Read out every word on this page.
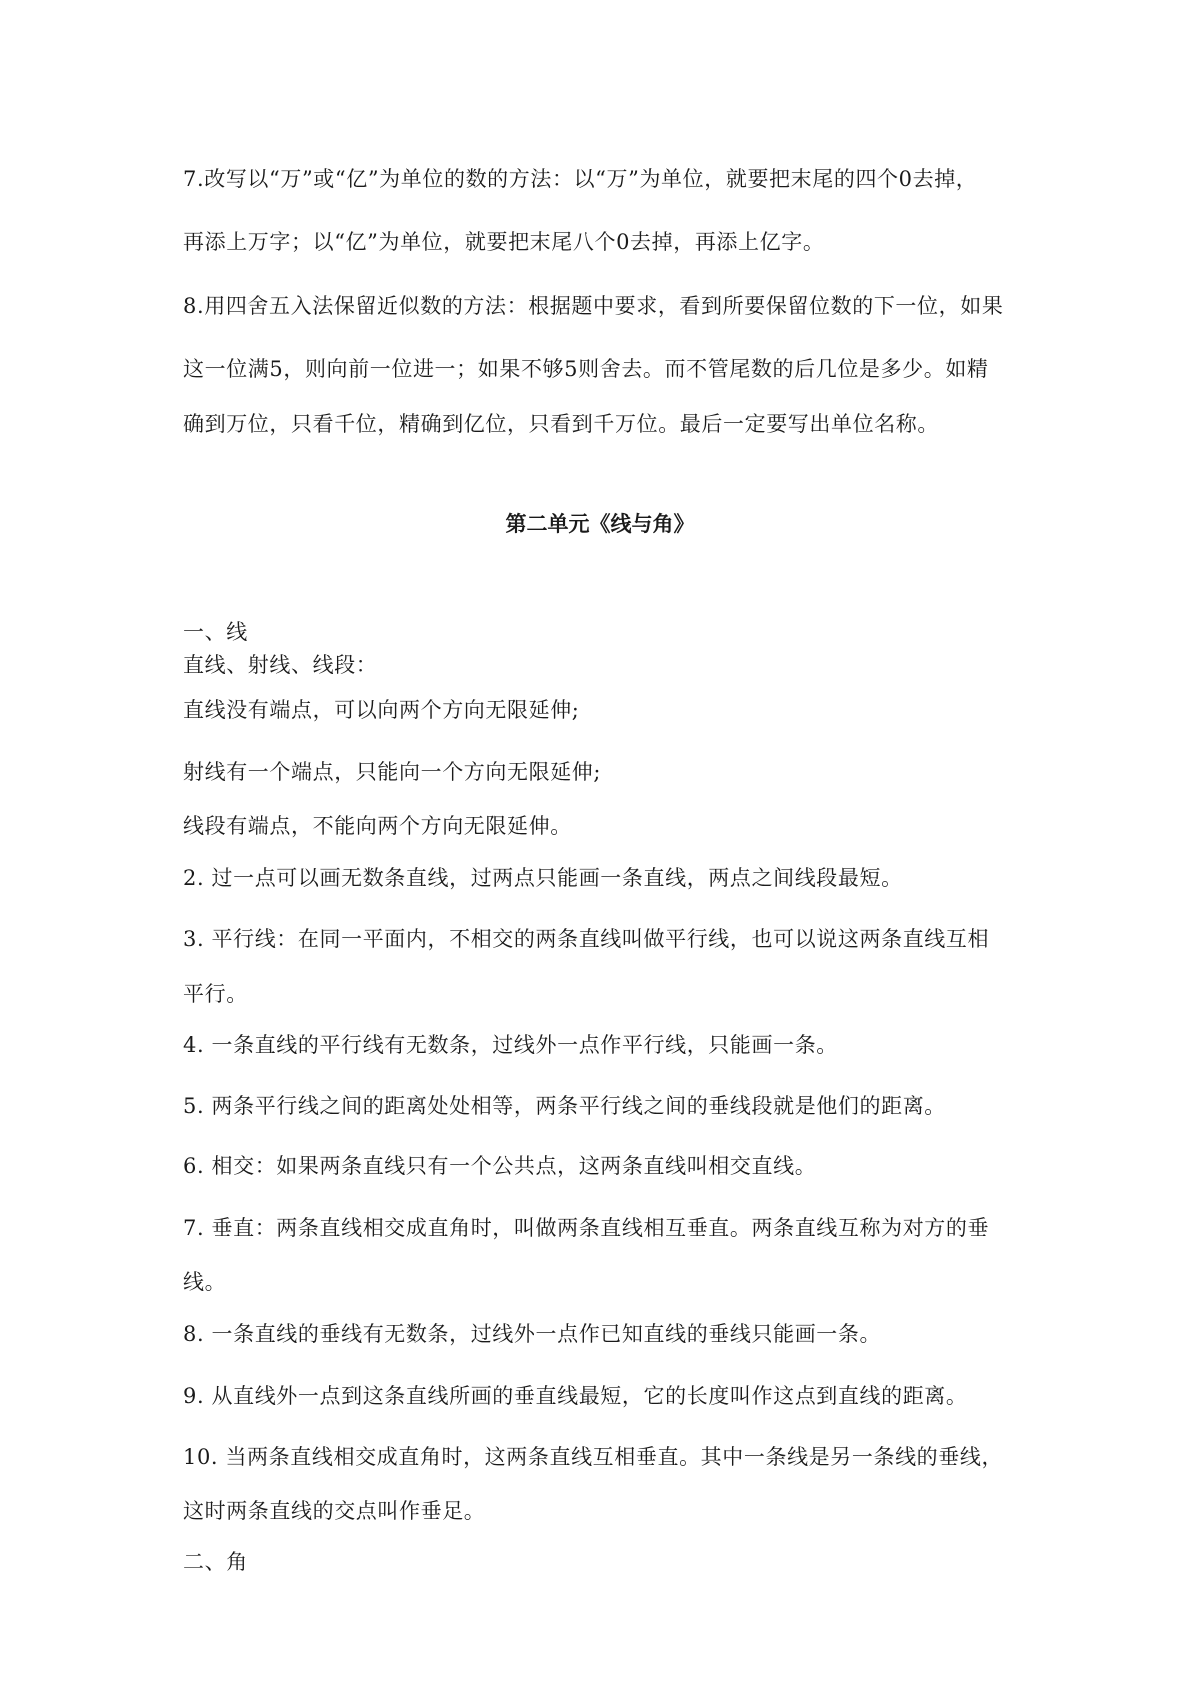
7.改写以“万”或“亿”为单位的数的方法：以“万”为单位，就要把末尾的四个0去掉，
再添上万字；以“亿”为单位，就要把末尾八个0去掉，再添上亿字。
8.用四舍五入法保留近似数的方法：根据题中要求，看到所要保留位数的下一位，如果
这一位满5，则向前一位进一；如果不够5则舍去。而不管尾数的后几位是多少。如精
确到万位，只看千位，精确到亿位，只看到千万位。最后一定要写出单位名称。
第二单元《线与角》
一、线
直线、射线、线段：
直线没有端点，可以向两个方向无限延伸;
射线有一个端点，只能向一个方向无限延伸;
线段有端点，不能向两个方向无限延伸。
2. 过一点可以画无数条直线，过两点只能画一条直线，两点之间线段最短。
3. 平行线：在同一平面内，不相交的两条直线叫做平行线，也可以说这两条直线互相
平行。
4. 一条直线的平行线有无数条，过线外一点作平行线，只能画一条。
5. 两条平行线之间的距离处处相等，两条平行线之间的垂线段就是他们的距离。
6. 相交：如果两条直线只有一个公共点，这两条直线叫相交直线。
7. 垂直：两条直线相交成直角时，叫做两条直线相互垂直。两条直线互称为对方的垂
线。
8. 一条直线的垂线有无数条，过线外一点作已知直线的垂线只能画一条。
9. 从直线外一点到这条直线所画的垂直线最短，它的长度叫作这点到直线的距离。
10. 当两条直线相交成直角时，这两条直线互相垂直。其中一条线是另一条线的垂线，
这时两条直线的交点叫作垂足。
二、角
